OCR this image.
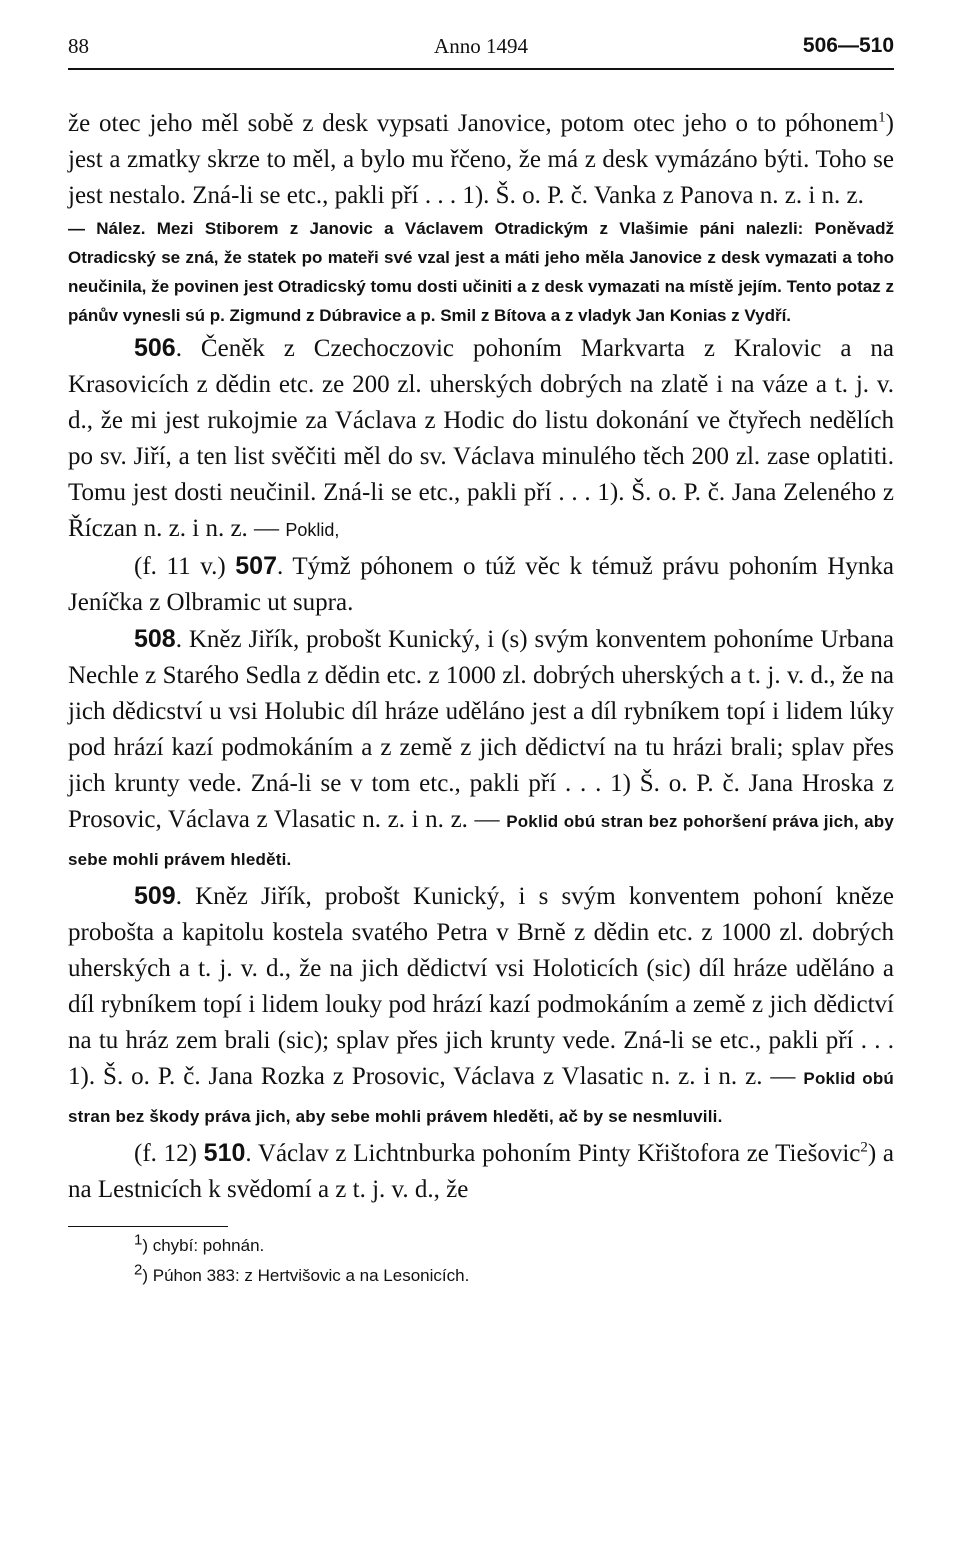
88	Anno 1494	506—510
že otec jeho měl sobě z desk vypsati Janovice, potom otec jeho o to póhonem$^1$) jest a zmatky skrze to měl, a bylo mu řčeno, že má z desk vymázáno býti. Toho se jest nestalo. Zná-li se etc., pakli pří . . . 1). Š. o. P. č. Vanka z Panova n. z. i n. z.
— Nález. Mezi Stiborem z Janovic a Václavem Otradickým z Vlašimie páni nalezli: Poněvadž Otradicský se zná, že statek po mateři své vzal jest a máti jeho měla Janovice z desk vymazati a toho neučinila, že povinen jest Otradicský tomu dosti učiniti a z desk vymazati na místě jejím. Tento potaz z pánův vynesli sú p. Zigmund z Dúbravice a p. Smil z Bítova a z vladyk Jan Konias z Vydří.
506. Čeněk z Czechoczovic pohoním Markvarta z Kralovic a na Krasovicích z dědin etc. ze 200 zl. uherských dobrých na zlatě i na váze a t. j. v. d., že mi jest rukojmie za Václava z Hodic do listu dokonání ve čtyřech nedělích po sv. Jiří, a ten list svěčiti měl do sv. Václava minulého těch 200 zl. zase oplatiti. Tomu jest dosti neučinil. Zná-li se etc., pakli pří . . . 1). Š. o. P. č. Jana Zeleného z Říczan n. z. i n. z. — Poklid,
(f. 11 v.) 507. Týmž póhonem o túž věc k témuž právu pohoním Hynka Jeníčka z Olbramic ut supra.
508. Kněz Jiřík, probošt Kunický, i (s) svým konventem pohoníme Urbana Nechle z Starého Sedla z dědin etc. z 1000 zl. dobrých uherských a t. j. v. d., že na jich dědicství u vsi Holubic díl hráze uděláno jest a díl rybníkem topí i lidem lúky pod hrází kazí podmokáním a z země z jich dědictví na tu hrázi brali; splav přes jich krunty vede. Zná-li se v tom etc., pakli pří . . . 1) Š. o. P. č. Jana Hroska z Prosovic, Václava z Vlasatic n. z. i n. z. — Poklid obú stran bez pohoršení práva jich, aby sebe mohli právem hleděti.
509. Kněz Jiřík, probošt Kunický, i s svým konventem pohoní kněze probošta a kapitolu kostela svatého Petra v Brně z dědin etc. z 1000 zl. dobrých uherských a t. j. v. d., že na jich dědictví vsi Holoticích (sic) díl hráze uděláno a díl rybníkem topí i lidem louky pod hrází kazí podmokáním a země z jich dědictví na tu hráz zem brali (sic); splav přes jich krunty vede. Zná-li se etc., pakli pří . . . 1). Š. o. P. č. Jana Rozka z Prosovic, Václava z Vlasatic n. z. i n. z. — Poklid obú stran bez škody práva jich, aby sebe mohli právem hleděti, ač by se nesmluvili.
(f. 12) 510. Václav z Lichtnburka pohoním Pinty Křištofora ze Tiešovic$^2$) a na Lestnicích k svědomí a z t. j. v. d., že
$^1$) chybí: pohnán.
$^2$) Púhon 383: z Hertvišovic a na Lesonicích.
